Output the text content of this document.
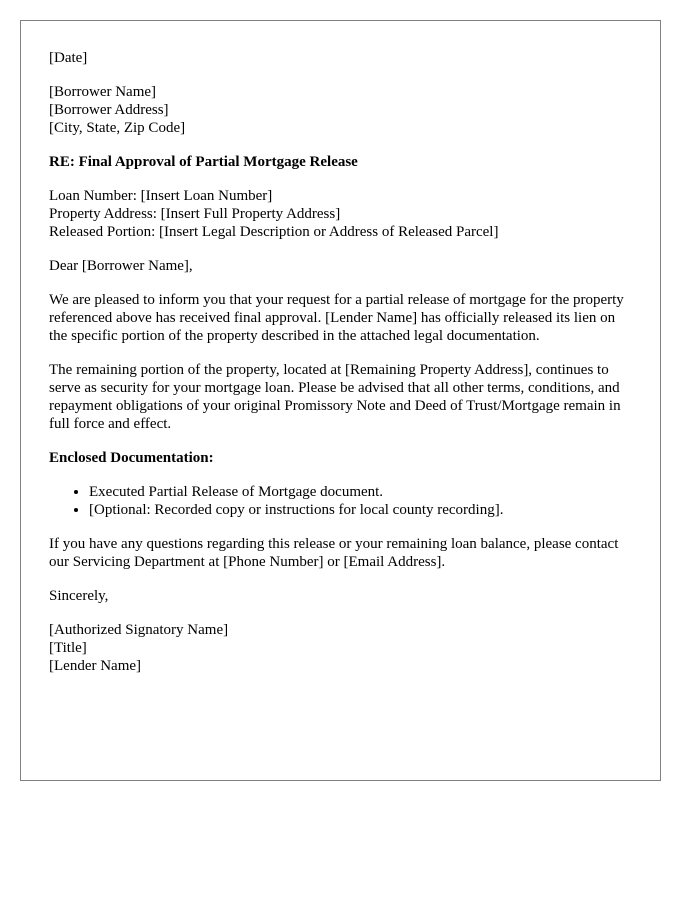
[Date]

[Borrower Name]
[Borrower Address]
[City, State, Zip Code]

RE: Final Approval of Partial Mortgage Release

Loan Number: [Insert Loan Number]
Property Address: [Insert Full Property Address]
Released Portion: [Insert Legal Description or Address of Released Parcel]

Dear [Borrower Name],

We are pleased to inform you that your request for a partial release of mortgage for the property referenced above has received final approval. [Lender Name] has officially released its lien on the specific portion of the property described in the attached legal documentation.

The remaining portion of the property, located at [Remaining Property Address], continues to serve as security for your mortgage loan. Please be advised that all other terms, conditions, and repayment obligations of your original Promissory Note and Deed of Trust/Mortgage remain in full force and effect.

Enclosed Documentation:

• Executed Partial Release of Mortgage document.
• [Optional: Recorded copy or instructions for local county recording].

If you have any questions regarding this release or your remaining loan balance, please contact our Servicing Department at [Phone Number] or [Email Address].

Sincerely,

[Authorized Signatory Name]
[Title]
[Lender Name]
